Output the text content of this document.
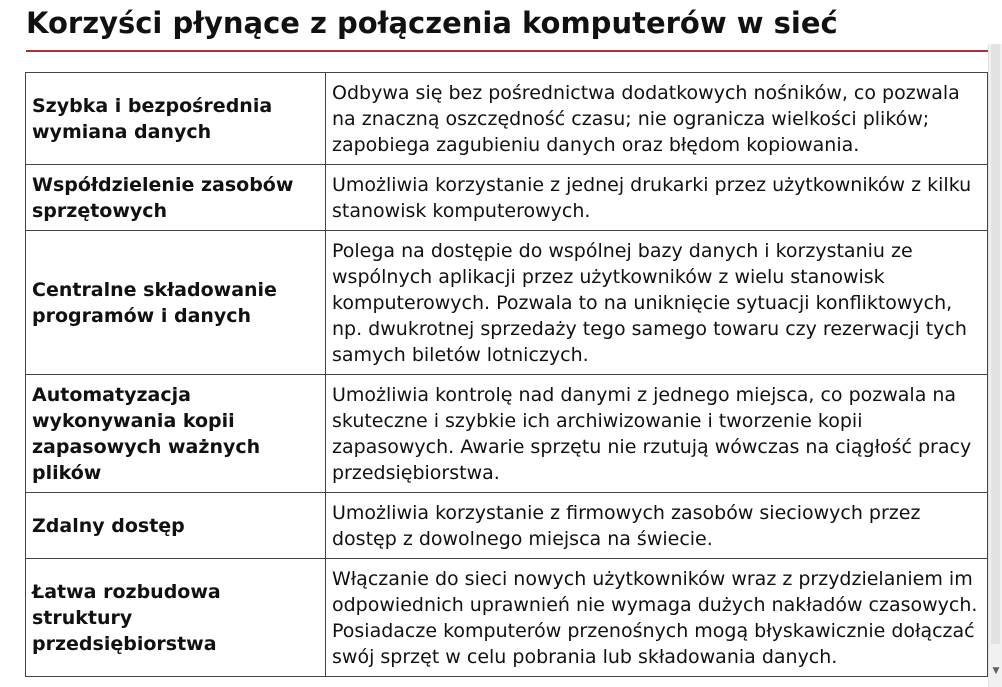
Korzyści płynące z połączenia komputerów w sieć
Szybka i bezpośrednia wymiana danych	Odbywa się bez pośrednictwa dodatkowych nośników, co pozwala na znaczną oszczędność czasu; nie ogranicza wielkości plików; zapobiega zagubieniu danych oraz błędom kopiowania.
Współdzielenie zasobów sprzętowych	Umożliwia korzystanie z jednej drukarki przez użytkowników z kilku stanowisk komputerowych.
Centralne składowanie programów i danych	Polega na dostępie do wspólnej bazy danych i korzystaniu ze wspólnych aplikacji przez użytkowników z wielu stanowisk komputerowych. Pozwala to na uniknięcie sytuacji konfliktowych, np. dwukrotnej sprzedaży tego samego towaru czy rezerwacji tych samych biletów lotniczych.
Automatyzacja wykonywania kopii zapasowych ważnych plików	Umożliwia kontrolę nad danymi z jednego miejsca, co pozwala na skuteczne i szybkie ich archiwizowanie i tworzenie kopii zapasowych. Awarie sprzętu nie rzutują wówczas na ciągłość pracy przedsiębiorstwa.
Zdalny dostęp	Umożliwia korzystanie z firmowych zasobów sieciowych przez dostęp z dowolnego miejsca na świecie.
Łatwa rozbudowa struktury przedsiębiorstwa	Włączanie do sieci nowych użytkowników wraz z przydzielaniem im odpowiednich uprawnień nie wymaga dużych nakładów czasowych. Posiadacze komputerów przenośnych mogą błyskawicznie dołączać swój sprzęt w celu pobrania lub składowania danych.
▼
